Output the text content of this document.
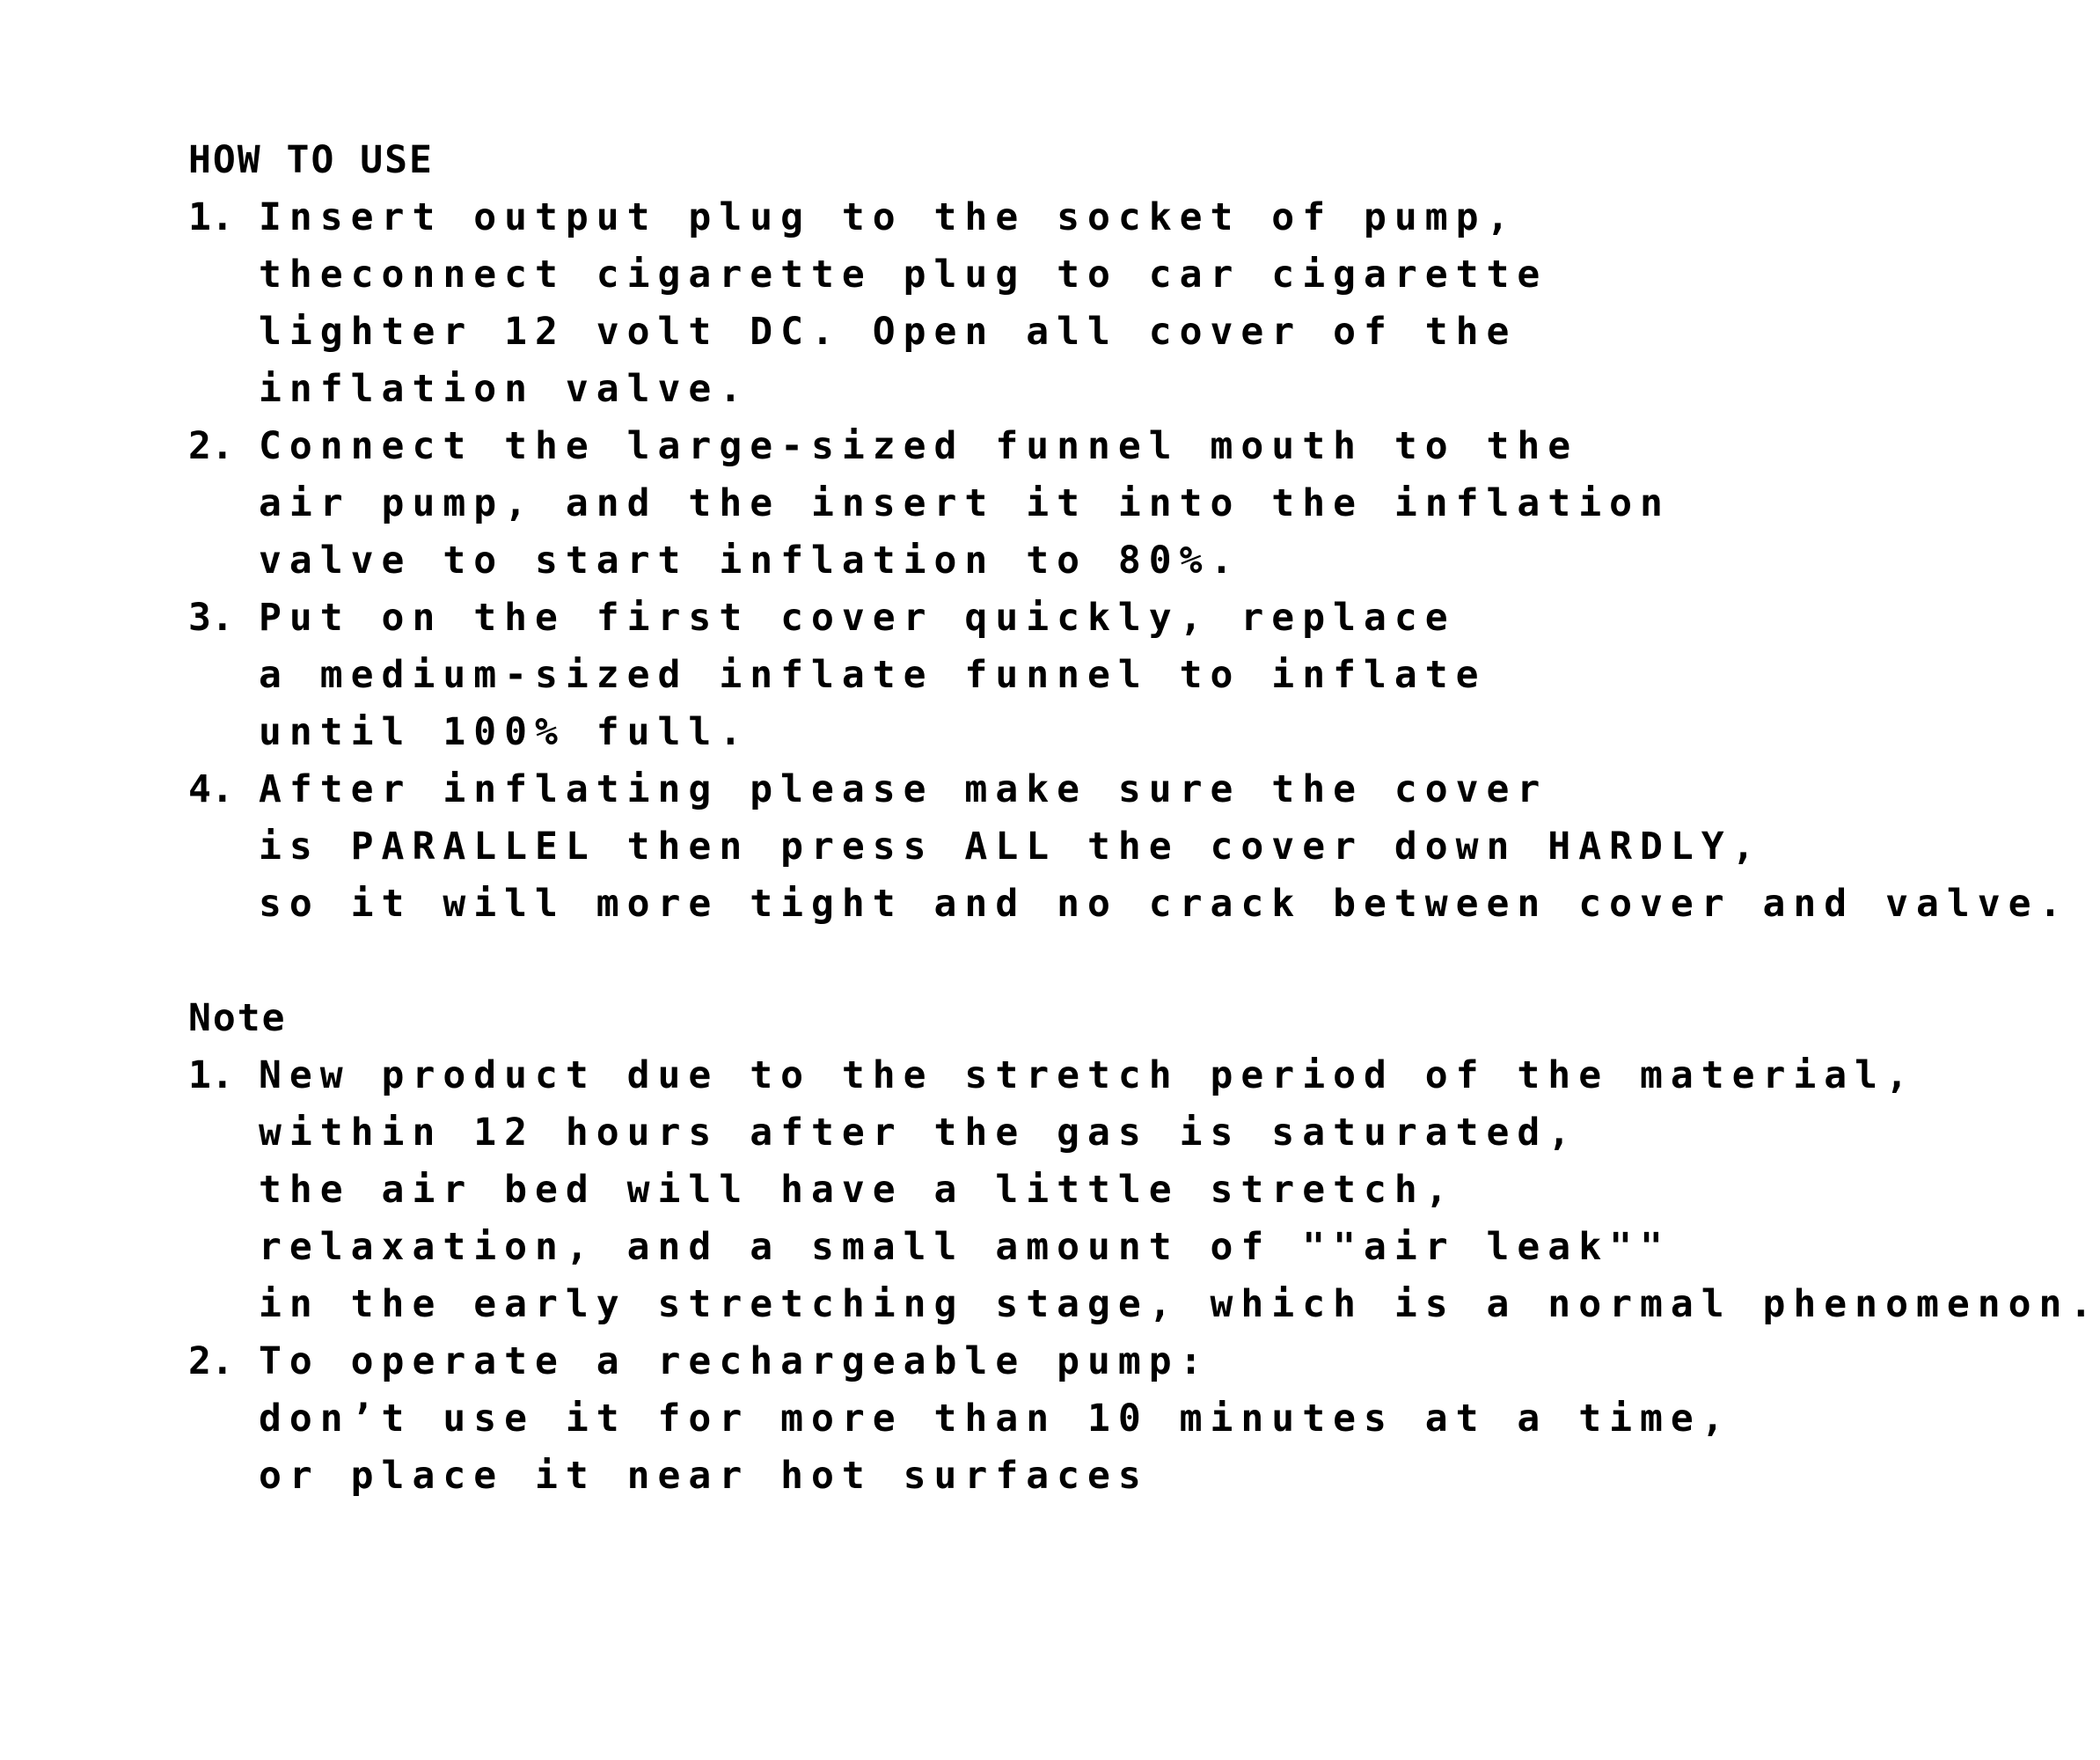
HOW TO USE
1. Insert output plug to the socket of pump,
theconnect cigarette plug to car cigarette
lighter 12 volt DC. Open all cover of the
inflation valve.
2. Connect the large-sized funnel mouth to the
air pump, and the insert it into the inflation
valve to start inflation to 80%.
3. Put on the first cover quickly, replace
a medium-sized inflate funnel to inflate
until 100% full.
4. After inflating please make sure the cover
is PARALLEL then press ALL the cover down HARDLY,
so it will more tight and no crack between cover and valve.
Note
1. New product due to the stretch period of the material,
within 12 hours after the gas is saturated,
the air bed will have a little stretch,
relaxation, and a small amount of ""air leak""
in the early stretching stage, which is a normal phenomenon.
2. To operate a rechargeable pump:
don’t use it for more than 10 minutes at a time,
or place it near hot surfaces
